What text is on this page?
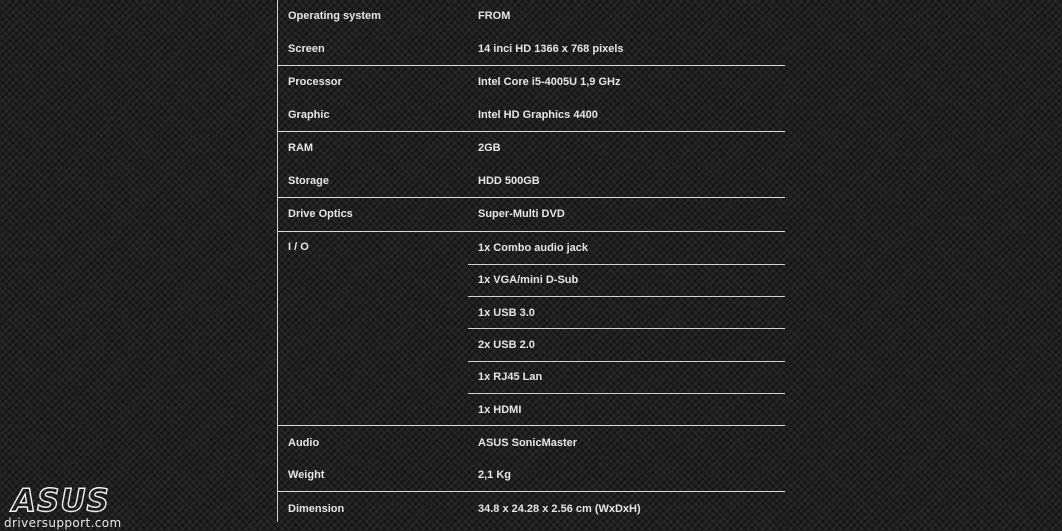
Operating system	FROM
Screen	14 inci HD 1366 x 768 pixels
Processor	Intel Core i5-4005U 1,9 GHz
Graphic	Intel HD Graphics 4400
RAM	2GB
Storage	HDD 500GB
Drive Optics	Super-Multi DVD
I / O	1x Combo audio jack
1x VGA/mini D-Sub
1x USB 3.0
2x USB 2.0
1x RJ45 Lan
1x HDMI
Audio	ASUS SonicMaster
Weight	2,1 Kg
Dimension	34.8 x 24.28 x 2.56 cm (WxDxH)
ASUS
driversupport.com
